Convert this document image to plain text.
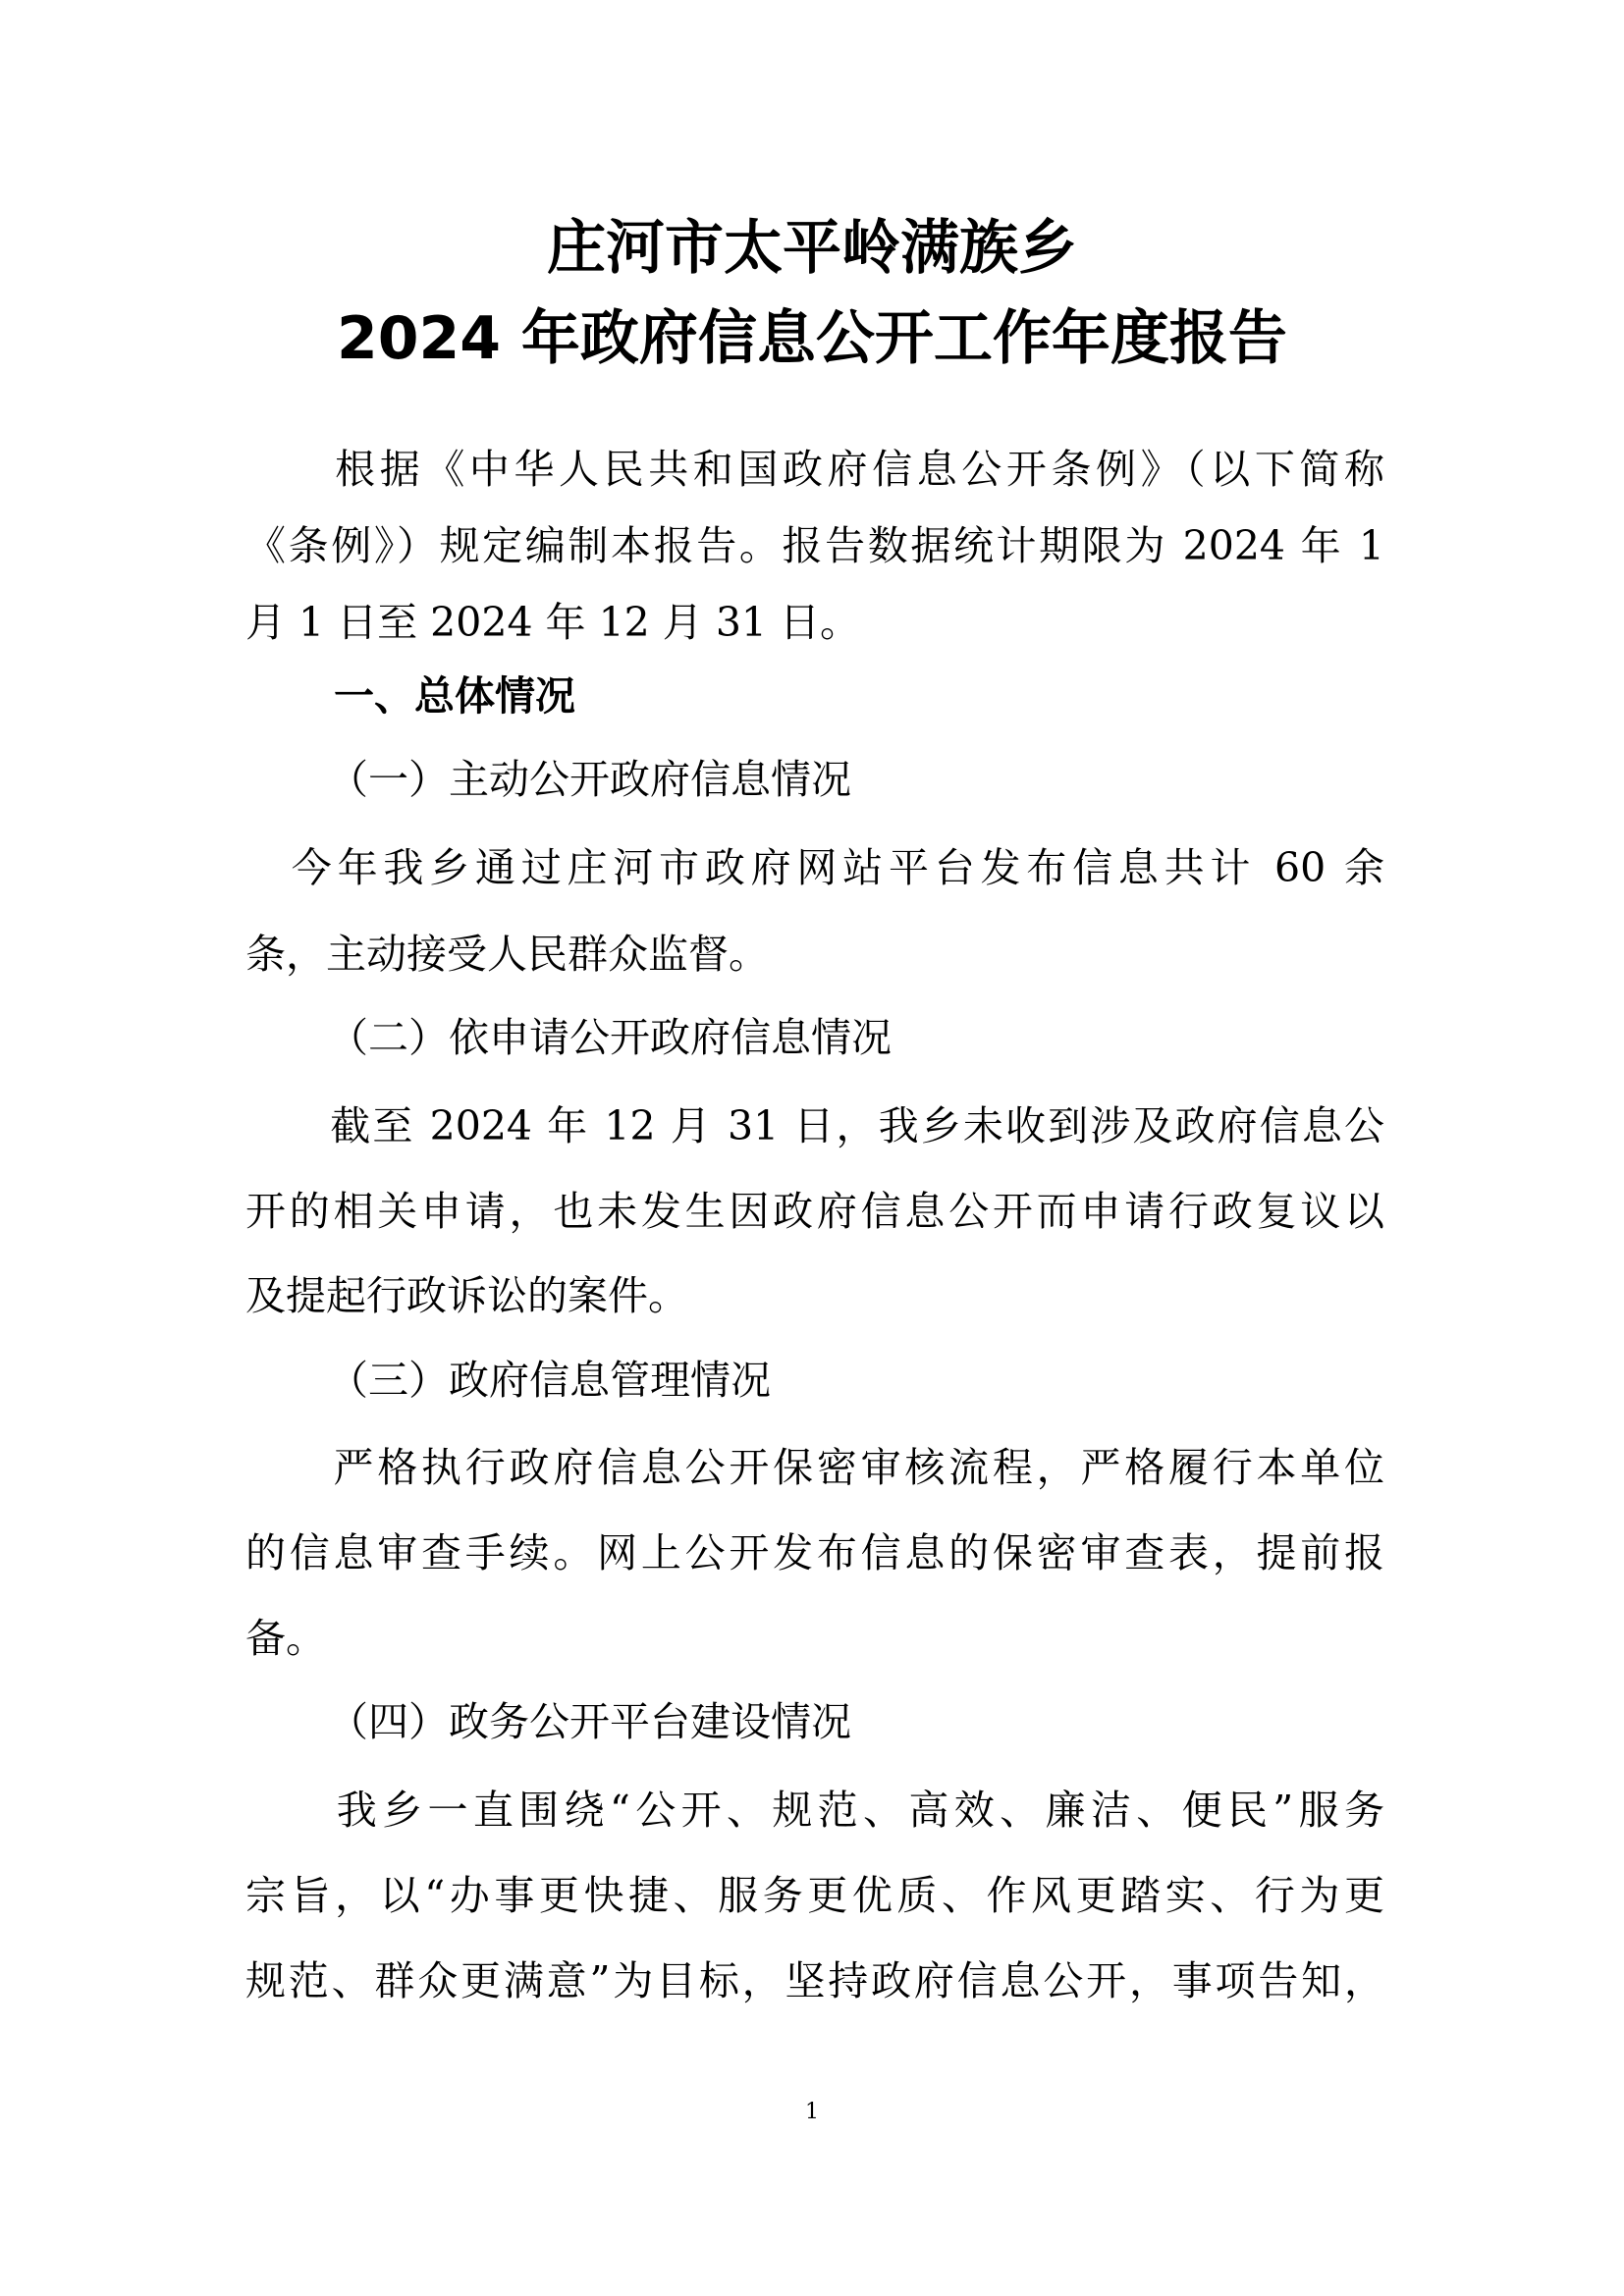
庄河市太平岭满族乡
2024 年政府信息公开工作年度报告
　　根据《中华人民共和国政府信息公开条例》（以下简称
《条例》）规定编制本报告。报告数据统计期限为 2024 年 1
月 1 日至 2024 年 12 月 31 日。
一、总体情况
（一）主动公开政府信息情况
　今年我乡通过庄河市政府网站平台发布信息共计 60 余
条，主动接受人民群众监督。
（二）依申请公开政府信息情况
　　截至 2024 年 12 月 31 日，我乡未收到涉及政府信息公
开的相关申请，也未发生因政府信息公开而申请行政复议以
及提起行政诉讼的案件。
（三）政府信息管理情况
　　严格执行政府信息公开保密审核流程，严格履行本单位
的信息审查手续。网上公开发布信息的保密审查表，提前报
备。
（四）政务公开平台建设情况
　　我乡一直围绕“公开、规范、高效、廉洁、便民”服务
宗旨，以“办事更快捷、服务更优质、作风更踏实、行为更
规范、群众更满意”为目标，坚持政府信息公开，事项告知，
1
